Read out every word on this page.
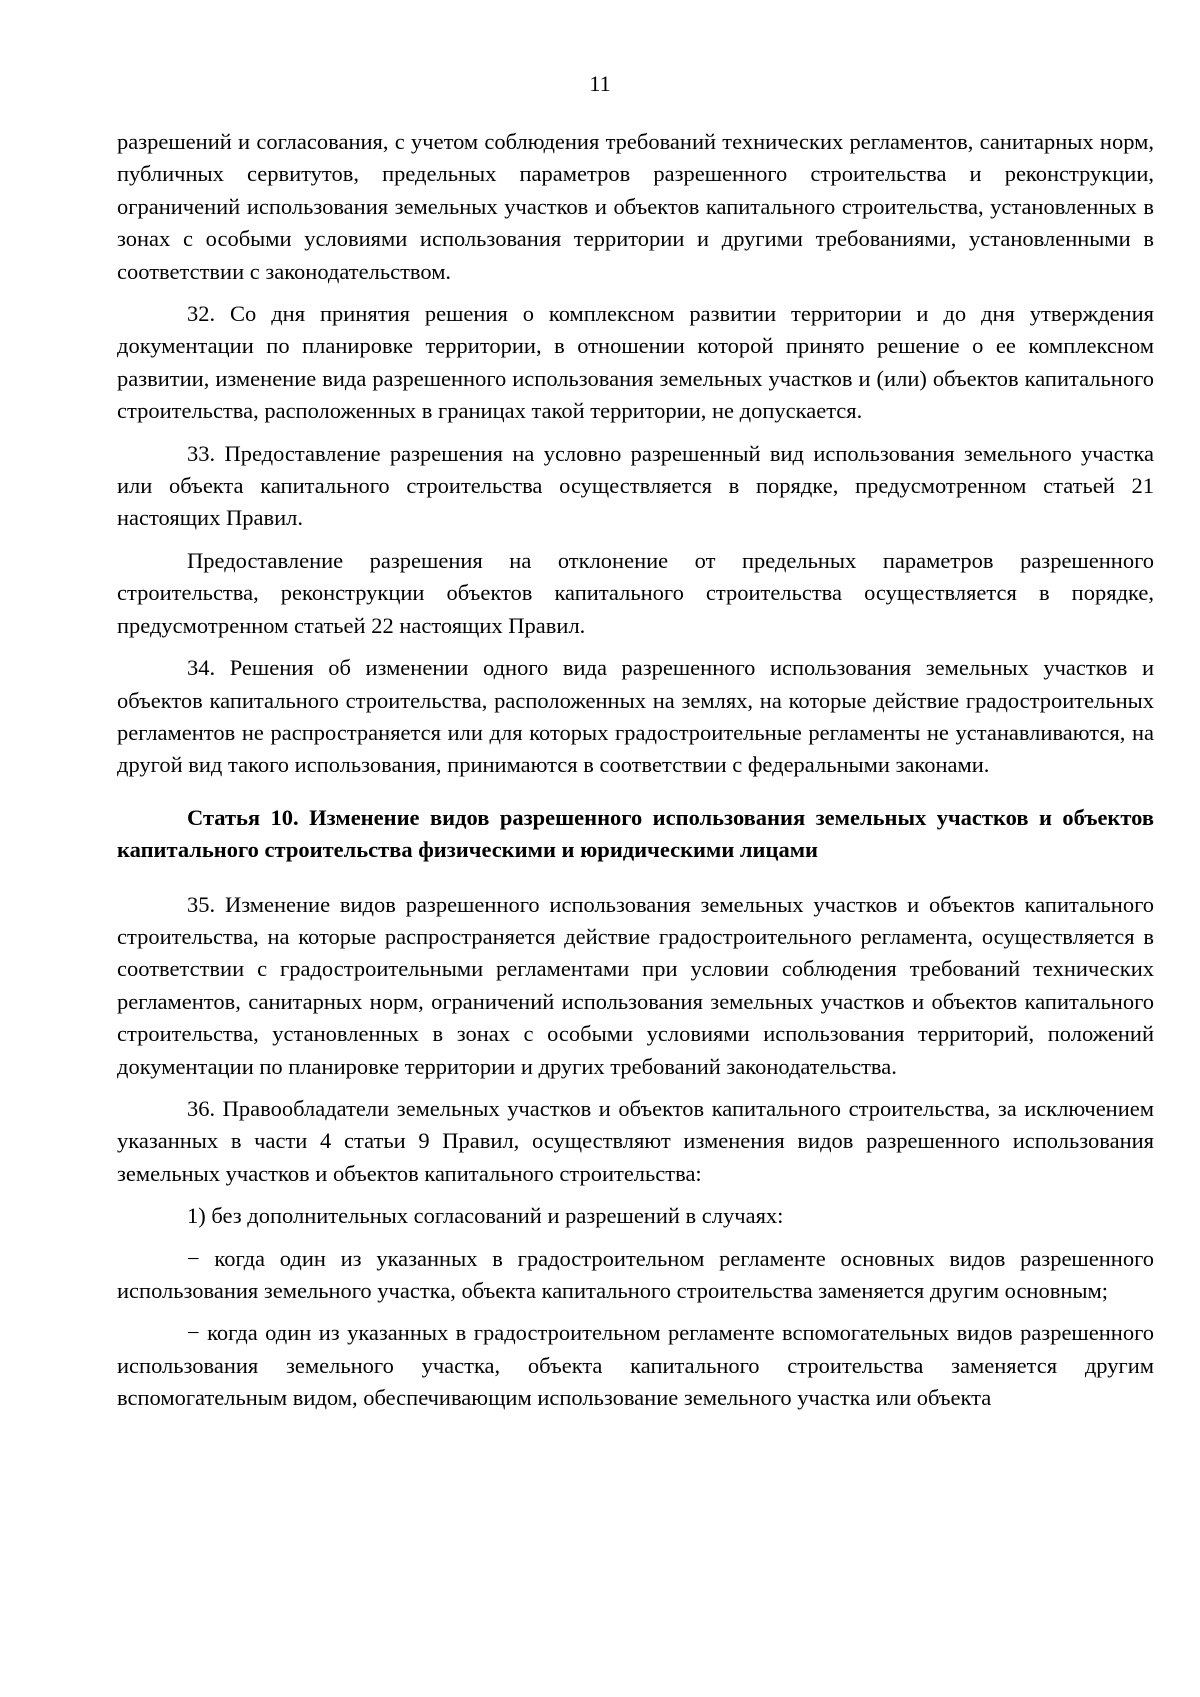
11

разрешений и согласования, с учетом соблюдения требований технических регламентов, санитарных норм, публичных сервитутов, предельных параметров разрешенного строительства и реконструкции, ограничений использования земельных участков и объектов капитального строительства, установленных в зонах с особыми условиями использования территории и другими требованиями, установленными в соответствии с законодательством.

32. Со дня принятия решения о комплексном развитии территории и до дня утверждения документации по планировке территории, в отношении которой принято решение о ее комплексном развитии, изменение вида разрешенного использования земельных участков и (или) объектов капитального строительства, расположенных в границах такой территории, не допускается.

33. Предоставление разрешения на условно разрешенный вид использования земельного участка или объекта капитального строительства осуществляется в порядке, предусмотренном статьей 21 настоящих Правил.

Предоставление разрешения на отклонение от предельных параметров разрешенного строительства, реконструкции объектов капитального строительства осуществляется в порядке, предусмотренном статьей 22 настоящих Правил.

34. Решения об изменении одного вида разрешенного использования земельных участков и объектов капитального строительства, расположенных на землях, на которые действие градостроительных регламентов не распространяется или для которых градостроительные регламенты не устанавливаются, на другой вид такого использования, принимаются в соответствии с федеральными законами.

Статья 10. Изменение видов разрешенного использования земельных участков и объектов капитального строительства физическими и юридическими лицами

35. Изменение видов разрешенного использования земельных участков и объектов капитального строительства, на которые распространяется действие градостроительного регламента, осуществляется в соответствии с градостроительными регламентами при условии соблюдения требований технических регламентов, санитарных норм, ограничений использования земельных участков и объектов капитального строительства, установленных в зонах с особыми условиями использования территорий, положений документации по планировке территории и других требований законодательства.

36. Правообладатели земельных участков и объектов капитального строительства, за исключением указанных в части 4 статьи 9 Правил, осуществляют изменения видов разрешенного использования земельных участков и объектов капитального строительства:

1) без дополнительных согласований и разрешений в случаях:

− когда один из указанных в градостроительном регламенте основных видов разрешенного использования земельного участка, объекта капитального строительства заменяется другим основным;

− когда один из указанных в градостроительном регламенте вспомогательных видов разрешенного использования земельного участка, объекта капитального строительства заменяется другим вспомогательным видом, обеспечивающим использование земельного участка или объекта
